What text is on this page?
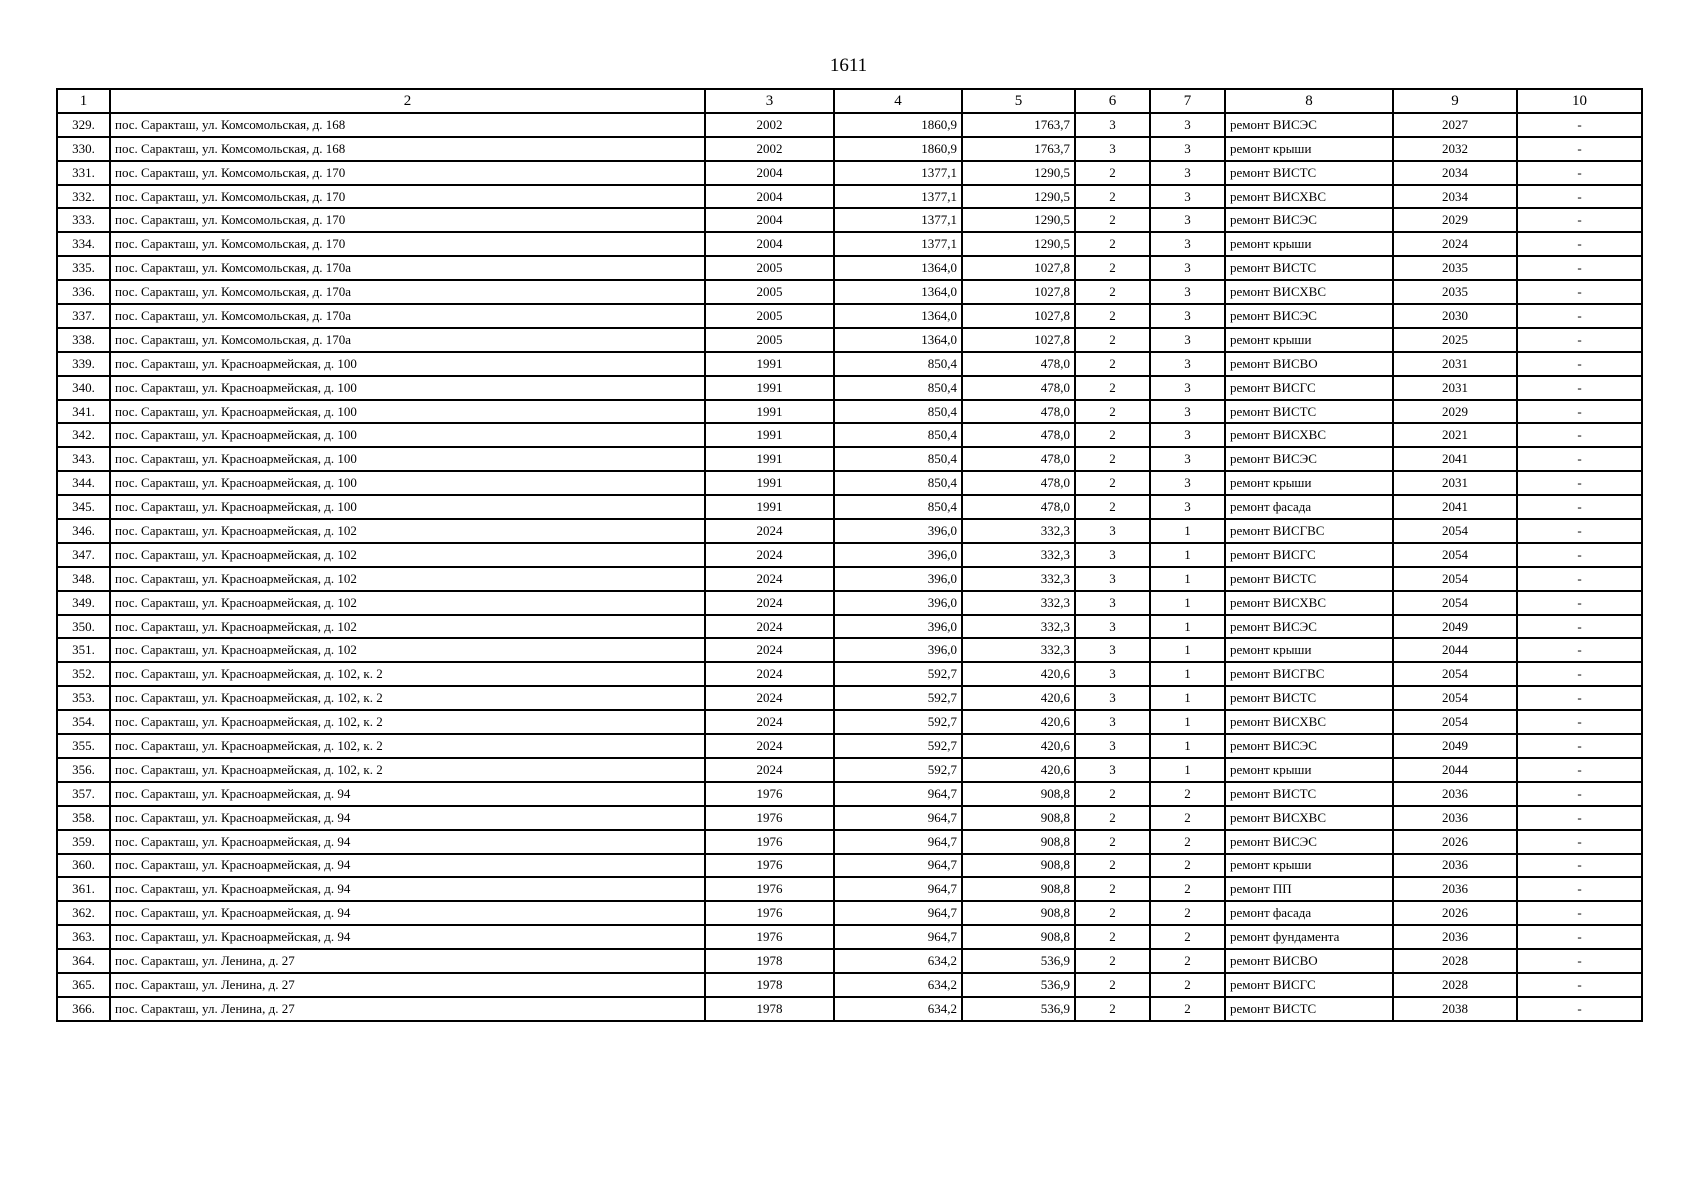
1611
1	2	3	4	5	6	7	8	9	10
329.	пос. Саракташ, ул. Комсомольская, д. 168	2002	1860,9	1763,7	3	3	ремонт ВИСЭС	2027	-
330.	пос. Саракташ, ул. Комсомольская, д. 168	2002	1860,9	1763,7	3	3	ремонт крыши	2032	-
331.	пос. Саракташ, ул. Комсомольская, д. 170	2004	1377,1	1290,5	2	3	ремонт ВИСТС	2034	-
332.	пос. Саракташ, ул. Комсомольская, д. 170	2004	1377,1	1290,5	2	3	ремонт ВИСХВС	2034	-
333.	пос. Саракташ, ул. Комсомольская, д. 170	2004	1377,1	1290,5	2	3	ремонт ВИСЭС	2029	-
334.	пос. Саракташ, ул. Комсомольская, д. 170	2004	1377,1	1290,5	2	3	ремонт крыши	2024	-
335.	пос. Саракташ, ул. Комсомольская, д. 170а	2005	1364,0	1027,8	2	3	ремонт ВИСТС	2035	-
336.	пос. Саракташ, ул. Комсомольская, д. 170а	2005	1364,0	1027,8	2	3	ремонт ВИСХВС	2035	-
337.	пос. Саракташ, ул. Комсомольская, д. 170а	2005	1364,0	1027,8	2	3	ремонт ВИСЭС	2030	-
338.	пос. Саракташ, ул. Комсомольская, д. 170а	2005	1364,0	1027,8	2	3	ремонт крыши	2025	-
339.	пос. Саракташ, ул. Красноармейская, д. 100	1991	850,4	478,0	2	3	ремонт ВИСВО	2031	-
340.	пос. Саракташ, ул. Красноармейская, д. 100	1991	850,4	478,0	2	3	ремонт ВИСГС	2031	-
341.	пос. Саракташ, ул. Красноармейская, д. 100	1991	850,4	478,0	2	3	ремонт ВИСТС	2029	-
342.	пос. Саракташ, ул. Красноармейская, д. 100	1991	850,4	478,0	2	3	ремонт ВИСХВС	2021	-
343.	пос. Саракташ, ул. Красноармейская, д. 100	1991	850,4	478,0	2	3	ремонт ВИСЭС	2041	-
344.	пос. Саракташ, ул. Красноармейская, д. 100	1991	850,4	478,0	2	3	ремонт крыши	2031	-
345.	пос. Саракташ, ул. Красноармейская, д. 100	1991	850,4	478,0	2	3	ремонт фасада	2041	-
346.	пос. Саракташ, ул. Красноармейская, д. 102	2024	396,0	332,3	3	1	ремонт ВИСГВС	2054	-
347.	пос. Саракташ, ул. Красноармейская, д. 102	2024	396,0	332,3	3	1	ремонт ВИСГС	2054	-
348.	пос. Саракташ, ул. Красноармейская, д. 102	2024	396,0	332,3	3	1	ремонт ВИСТС	2054	-
349.	пос. Саракташ, ул. Красноармейская, д. 102	2024	396,0	332,3	3	1	ремонт ВИСХВС	2054	-
350.	пос. Саракташ, ул. Красноармейская, д. 102	2024	396,0	332,3	3	1	ремонт ВИСЭС	2049	-
351.	пос. Саракташ, ул. Красноармейская, д. 102	2024	396,0	332,3	3	1	ремонт крыши	2044	-
352.	пос. Саракташ, ул. Красноармейская, д. 102, к. 2	2024	592,7	420,6	3	1	ремонт ВИСГВС	2054	-
353.	пос. Саракташ, ул. Красноармейская, д. 102, к. 2	2024	592,7	420,6	3	1	ремонт ВИСТС	2054	-
354.	пос. Саракташ, ул. Красноармейская, д. 102, к. 2	2024	592,7	420,6	3	1	ремонт ВИСХВС	2054	-
355.	пос. Саракташ, ул. Красноармейская, д. 102, к. 2	2024	592,7	420,6	3	1	ремонт ВИСЭС	2049	-
356.	пос. Саракташ, ул. Красноармейская, д. 102, к. 2	2024	592,7	420,6	3	1	ремонт крыши	2044	-
357.	пос. Саракташ, ул. Красноармейская, д. 94	1976	964,7	908,8	2	2	ремонт ВИСТС	2036	-
358.	пос. Саракташ, ул. Красноармейская, д. 94	1976	964,7	908,8	2	2	ремонт ВИСХВС	2036	-
359.	пос. Саракташ, ул. Красноармейская, д. 94	1976	964,7	908,8	2	2	ремонт ВИСЭС	2026	-
360.	пос. Саракташ, ул. Красноармейская, д. 94	1976	964,7	908,8	2	2	ремонт крыши	2036	-
361.	пос. Саракташ, ул. Красноармейская, д. 94	1976	964,7	908,8	2	2	ремонт ПП	2036	-
362.	пос. Саракташ, ул. Красноармейская, д. 94	1976	964,7	908,8	2	2	ремонт фасада	2026	-
363.	пос. Саракташ, ул. Красноармейская, д. 94	1976	964,7	908,8	2	2	ремонт фундамента	2036	-
364.	пос. Саракташ, ул. Ленина, д. 27	1978	634,2	536,9	2	2	ремонт ВИСВО	2028	-
365.	пос. Саракташ, ул. Ленина, д. 27	1978	634,2	536,9	2	2	ремонт ВИСГС	2028	-
366.	пос. Саракташ, ул. Ленина, д. 27	1978	634,2	536,9	2	2	ремонт ВИСТС	2038	-
